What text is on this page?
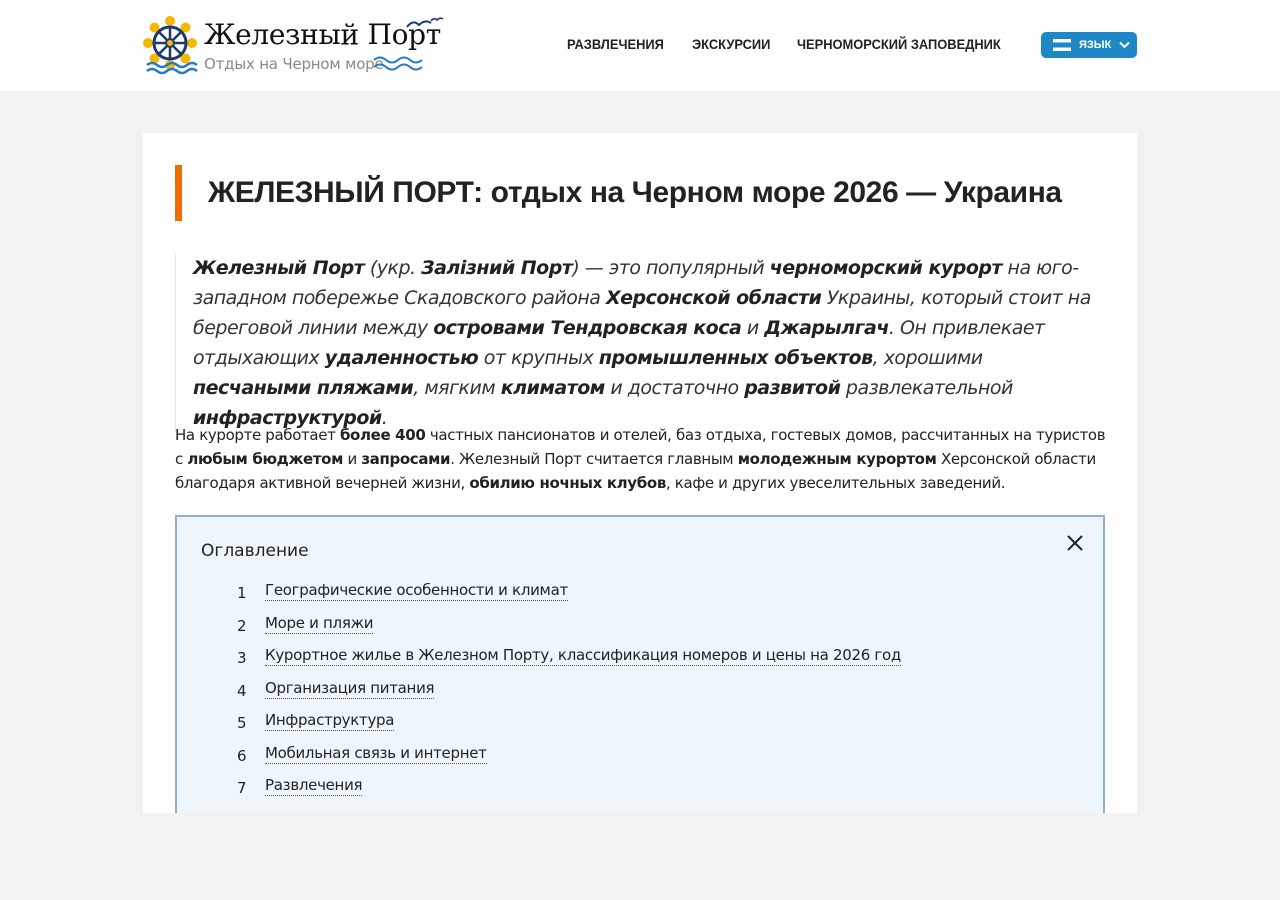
Железный Порт
Отдых на Черном море
РАЗВЛЕЧЕНИЯ ЭКСКУРСИИ ЧЕРНОМОРСКИЙ ЗАПОВЕДНИК	ЯЗЫК
ЖЕЛЕЗНЫЙ ПОРТ: отдых на Черном море 2026 — Украина
Железный Порт (укр. Залізний Порт) — это популярный черноморский курорт на юго-западном побережье Скадовского района Херсонской области Украины, который стоит на береговой линии между островами Тендровская коса и Джарылгач. Он привлекает отдыхающих удаленностью от крупных промышленных объектов, хорошими песчаными пляжами, мягким климатом и достаточно развитой развлекательной инфраструктурой.
На курорте работает более 400 частных пансионатов и отелей, баз отдыха, гостевых домов, рассчитанных на туристов с любым бюджетом и запросами. Железный Порт считается главным молодежным курортом Херсонской области благодаря активной вечерней жизни, обилию ночных клубов, кафе и других увеселительных заведений.
Оглавление
1	Географические особенности и климат
2	Море и пляжи
3	Курортное жилье в Железном Порту, классификация номеров и цены на 2026 год
4	Организация питания
5	Инфраструктура
6	Мобильная связь и интернет
7	Развлечения
